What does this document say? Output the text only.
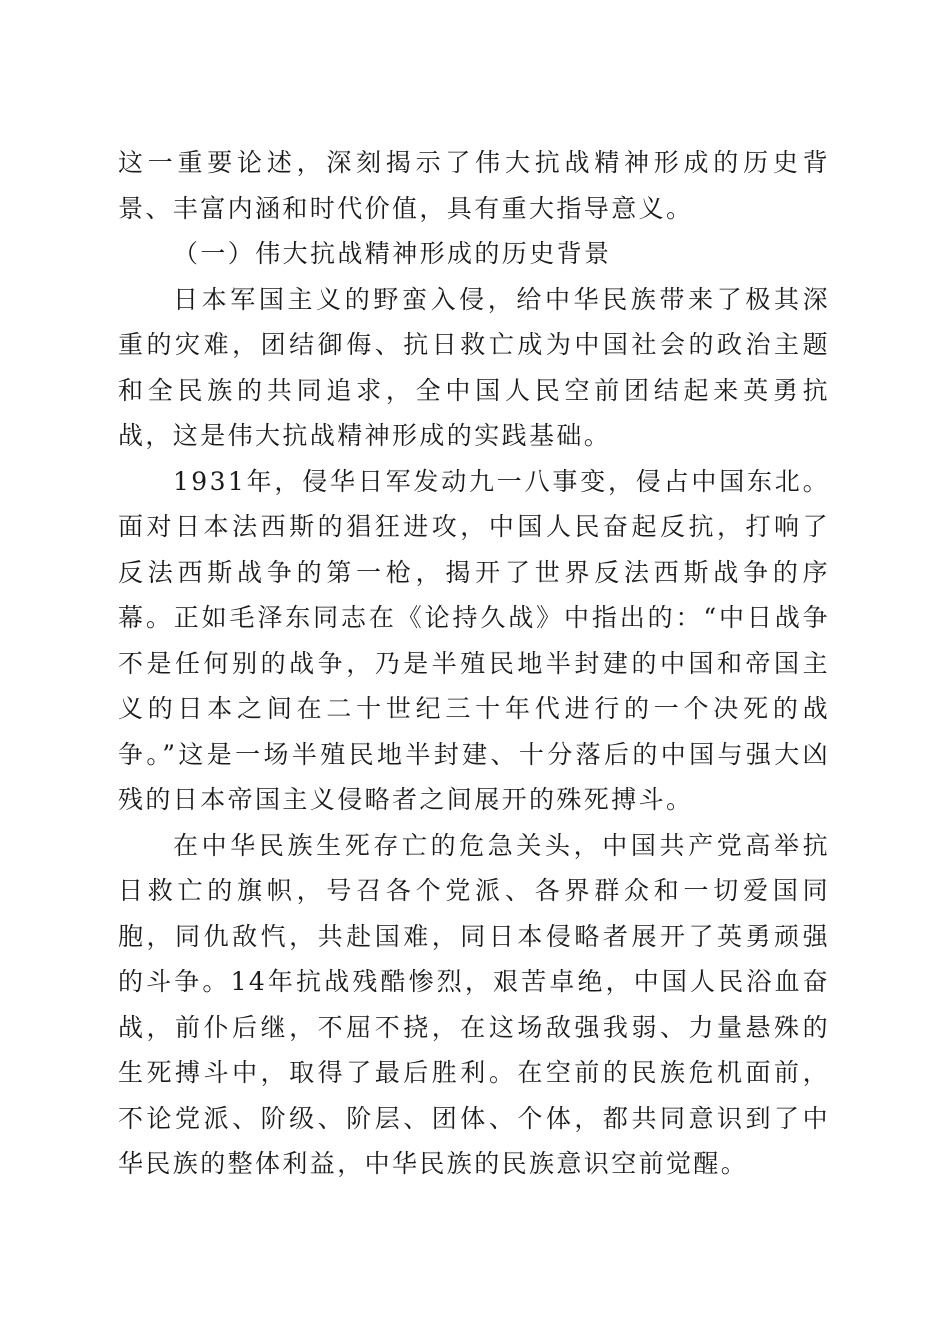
这一重要论述，深刻揭示了伟大抗战精神形成的历史背景、丰富内涵和时代价值，具有重大指导意义。

（一）伟大抗战精神形成的历史背景

日本军国主义的野蛮入侵，给中华民族带来了极其深重的灾难，团结御侮、抗日救亡成为中国社会的政治主题和全民族的共同追求，全中国人民空前团结起来英勇抗战，这是伟大抗战精神形成的实践基础。

1931年，侵华日军发动九一八事变，侵占中国东北。面对日本法西斯的猖狂进攻，中国人民奋起反抗，打响了反法西斯战争的第一枪，揭开了世界反法西斯战争的序幕。正如毛泽东同志在《论持久战》中指出的：“中日战争不是任何别的战争，乃是半殖民地半封建的中国和帝国主义的日本之间在二十世纪三十年代进行的一个决死的战争。”这是一场半殖民地半封建、十分落后的中国与强大凶残的日本帝国主义侵略者之间展开的殊死搏斗。

在中华民族生死存亡的危急关头，中国共产党高举抗日救亡的旗帜，号召各个党派、各界群众和一切爱国同胞，同仇敌忾，共赴国难，同日本侵略者展开了英勇顽强的斗争。14年抗战残酷惨烈，艰苦卓绝，中国人民浴血奋战，前仆后继，不屈不挠，在这场敌强我弱、力量悬殊的生死搏斗中，取得了最后胜利。在空前的民族危机面前，不论党派、阶级、阶层、团体、个体，都共同意识到了中华民族的整体利益，中华民族的民族意识空前觉醒。
